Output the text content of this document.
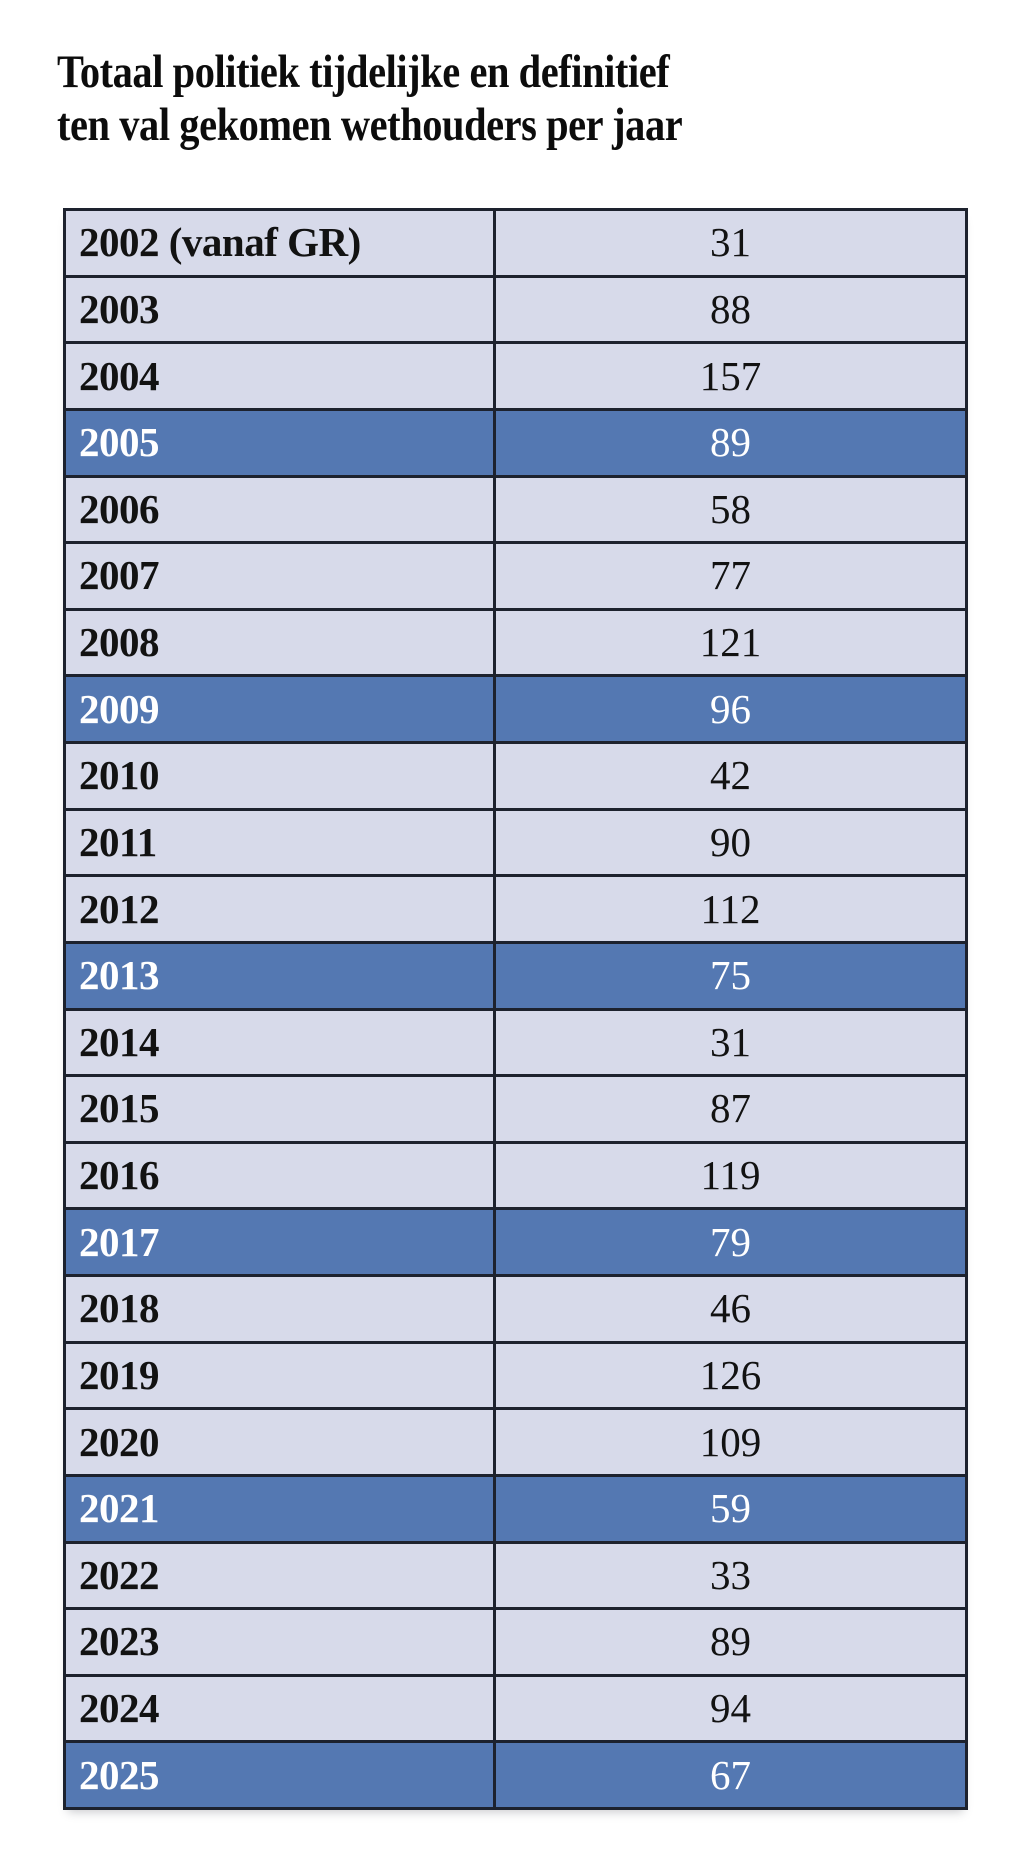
Totaal politiek tijdelijke en definitief
ten val gekomen wethouders per jaar
2002 (vanaf GR)	31
2003	88
2004	157
2005	89
2006	58
2007	77
2008	121
2009	96
2010	42
2011	90
2012	112
2013	75
2014	31
2015	87
2016	119
2017	79
2018	46
2019	126
2020	109
2021	59
2022	33
2023	89
2024	94
2025	67
